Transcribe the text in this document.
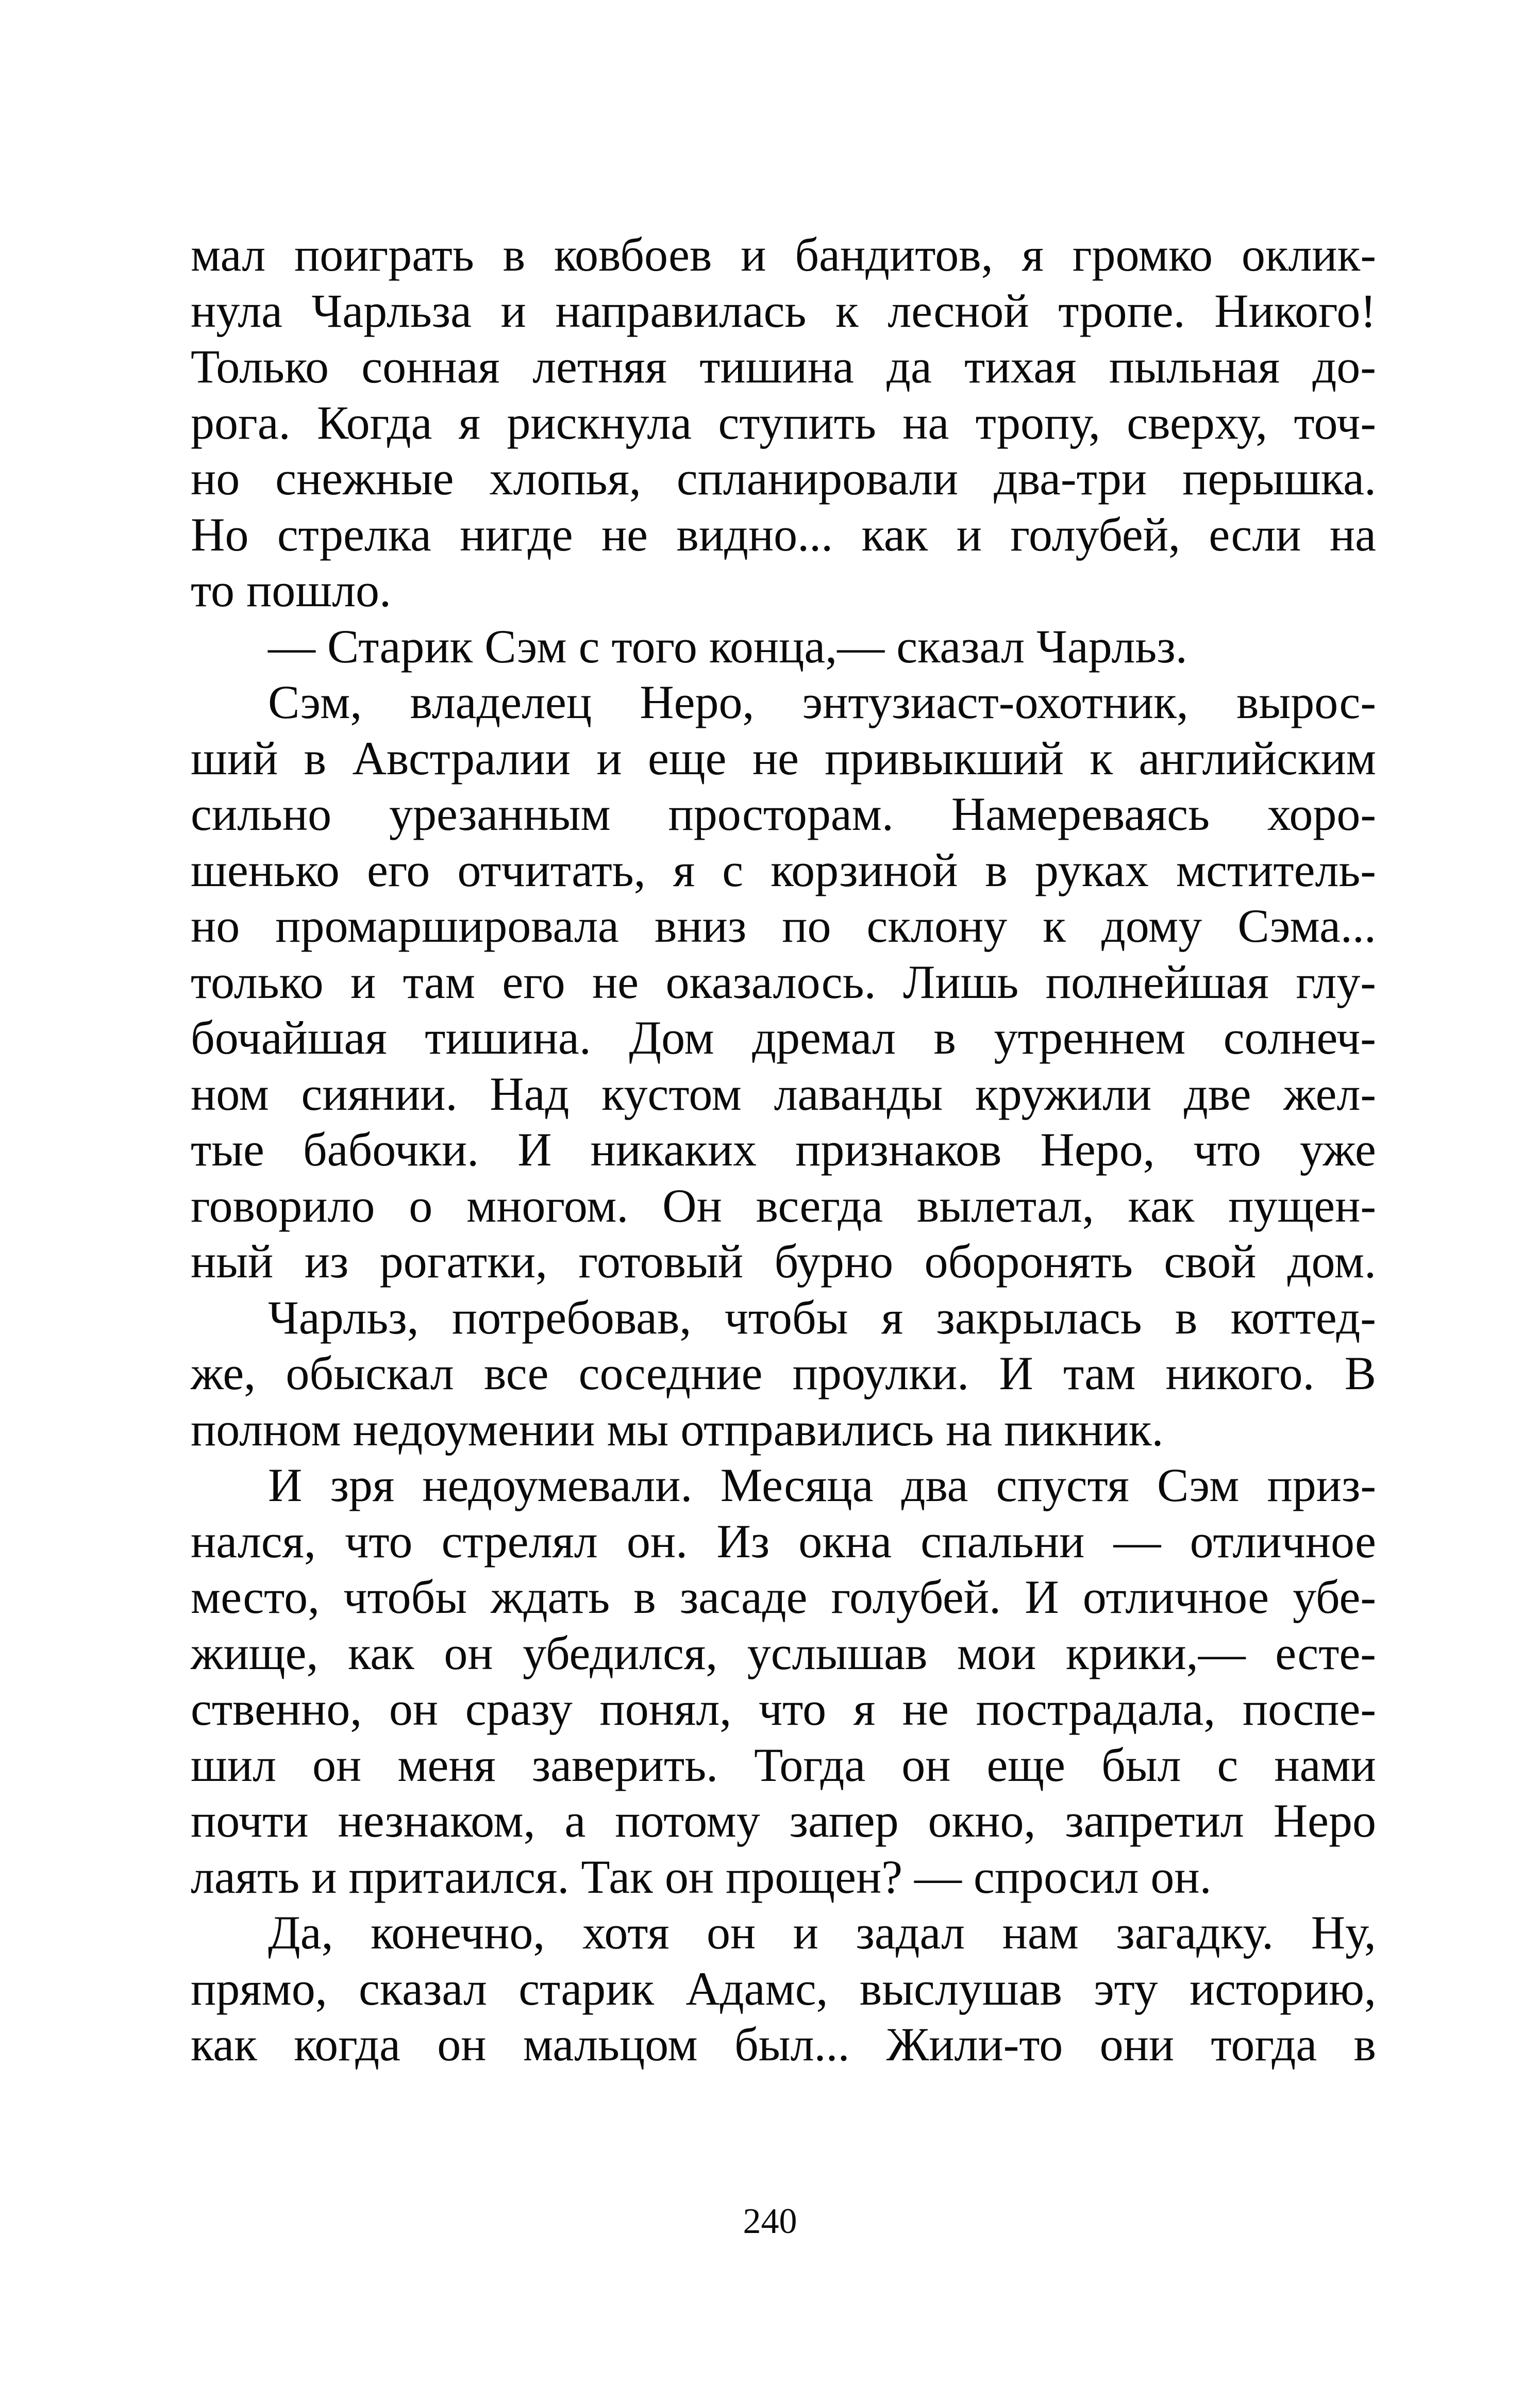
мал поиграть в ковбоев и бандитов, я громко оклик-
нула Чарльза и направилась к лесной тропе. Никого!
Только сонная летняя тишина да тихая пыльная до-
рога. Когда я рискнула ступить на тропу, сверху, точ-
но снежные хлопья, спланировали два-три перышка.
Но стрелка нигде не видно... как и голубей, если на
то пошло.
— Старик Сэм с того конца,— сказал Чарльз.
Сэм, владелец Неро, энтузиаст-охотник, вырос-
ший в Австралии и еще не привыкший к английским
сильно урезанным просторам. Намереваясь хоро-
шенько его отчитать, я с корзиной в руках мститель-
но промаршировала вниз по склону к дому Сэма...
только и там его не оказалось. Лишь полнейшая глу-
бочайшая тишина. Дом дремал в утреннем солнеч-
ном сиянии. Над кустом лаванды кружили две жел-
тые бабочки. И никаких признаков Неро, что уже
говорило о многом. Он всегда вылетал, как пущен-
ный из рогатки, готовый бурно оборонять свой дом.
Чарльз, потребовав, чтобы я закрылась в коттед-
же, обыскал все соседние проулки. И там никого. В
полном недоумении мы отправились на пикник.
И зря недоумевали. Месяца два спустя Сэм приз-
нался, что стрелял он. Из окна спальни — отличное
место, чтобы ждать в засаде голубей. И отличное убе-
жище, как он убедился, услышав мои крики,— есте-
ственно, он сразу понял, что я не пострадала, поспе-
шил он меня заверить. Тогда он еще был с нами
почти незнаком, а потому запер окно, запретил Неро
лаять и притаился. Так он прощен? — спросил он.
Да, конечно, хотя он и задал нам загадку. Ну,
прямо, сказал старик Адамс, выслушав эту историю,
как когда он мальцом был... Жили-то они тогда в
240
